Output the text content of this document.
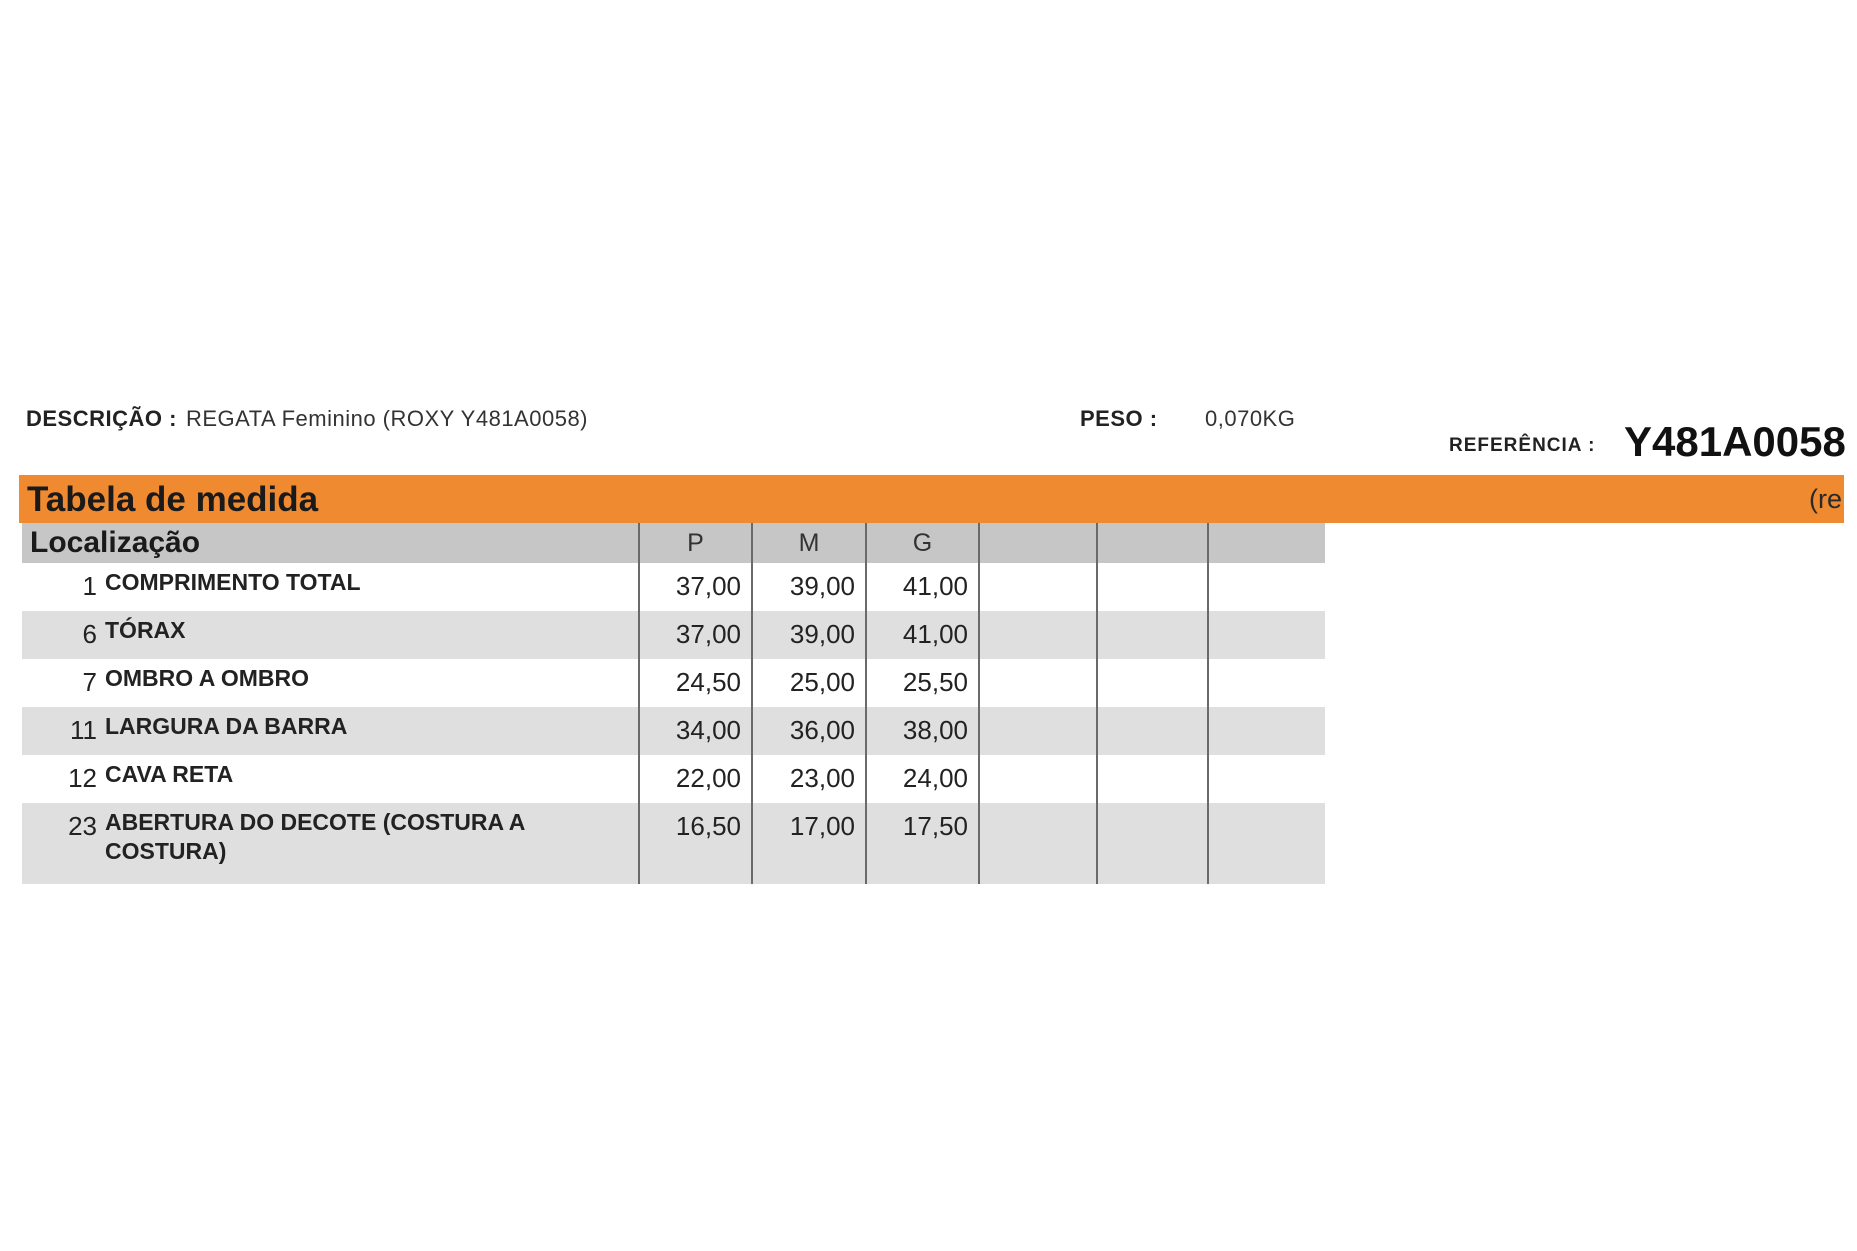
DESCRIÇÃO : REGATA Feminino (ROXY Y481A0058)	PESO : 0,070KG
REFERÊNCIA : Y481A0058
Tabela de medida	(re
Localização	P	M	G			

1 COMPRIMENTO TOTAL	37,00	39,00	41,00			

6 TÓRAX	37,00	39,00	41,00			

7 OMBRO A OMBRO	24,50	25,00	25,50			

11 LARGURA DA BARRA	34,00	36,00	38,00			

12 CAVA RETA	22,00	23,00	24,00			

23 ABERTURA DO DECOTE (COSTURA A COSTURA)	16,50	17,00	17,50			
